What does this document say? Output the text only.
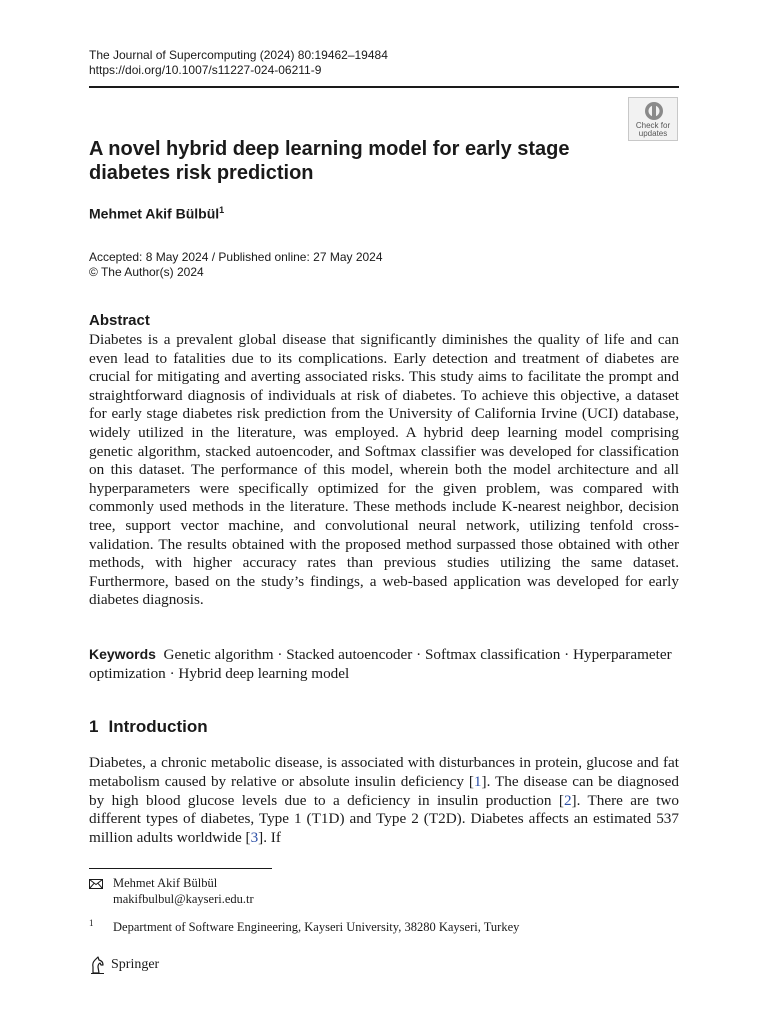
The Journal of Supercomputing (2024) 80:19462–19484
https://doi.org/10.1007/s11227-024-06211-9
Check for
updates
A novel hybrid deep learning model for early stage diabetes risk prediction
Mehmet Akif Bülbül$^1$
Accepted: 8 May 2024 / Published online: 27 May 2024
© The Author(s) 2024
Abstract

Diabetes is a prevalent global disease that significantly diminishes the quality of life and can even lead to fatalities due to its complications. Early detection and treatment of diabetes are crucial for mitigating and averting associated risks. This study aims to facilitate the prompt and straightforward diagnosis of individuals at risk of diabetes. To achieve this objective, a dataset for early stage diabetes risk prediction from the University of California Irvine (UCI) database, widely utilized in the literature, was employed. A hybrid deep learning model comprising genetic algorithm, stacked autoencoder, and Softmax classifier was developed for classification on this dataset. The performance of this model, wherein both the model architecture and all hyperparameters were specifically optimized for the given problem, was compared with commonly used methods in the literature. These methods include K-nearest neighbor, decision tree, support vector machine, and convolutional neural network, utilizing tenfold cross-validation. The results obtained with the proposed method surpassed those obtained with other methods, with higher accuracy rates than previous studies utilizing the same dataset. Furthermore, based on the study’s findings, a web-based application was developed for early diabetes diagnosis.

Keywords Genetic algorithm · Stacked autoencoder · Softmax classification · Hyperparameter optimization · Hybrid deep learning model

1 Introduction

Diabetes, a chronic metabolic disease, is associated with disturbances in protein, glucose and fat metabolism caused by relative or absolute insulin deficiency [1]. The disease can be diagnosed by high blood glucose levels due to a deficiency in insulin production [2]. There are two different types of diabetes, Type 1 (T1D) and Type 2 (T2D). Diabetes affects an estimated 537 million adults worldwide [3]. If

Mehmet Akif Bülbül
makifbulbul@kayseri.edu.tr
1 Department of Software Engineering, Kayseri University, 38280 Kayseri, Turkey
Springer
